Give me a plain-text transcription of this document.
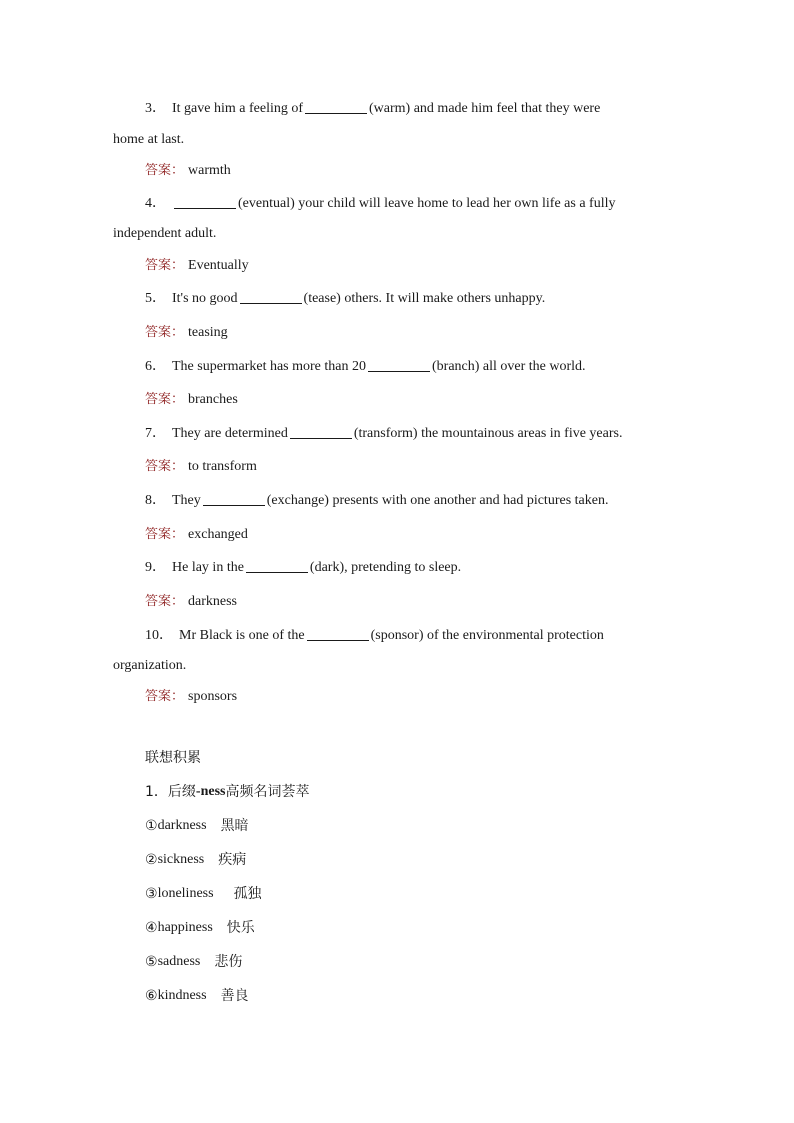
3． It gave him a feeling of	(warm) and made him feel that they were
home at last.
答案： warmth
4．	(eventual) your child will leave home to lead her own life as a fully
independent adult.
答案： Eventually
5． It's no good	(tease) others. It will make others unhappy.
答案： teasing
6． The supermarket has more than 20	(branch) all over the world.
答案： branches
7． They are determined	(transform) the mountainous areas in five years.
答案： to transform
8． They	(exchange) presents with one another and had pictures taken.
答案： exchanged
9． He lay in the	(dark), pretending to sleep.
答案： darkness
10． Mr Black is one of the	(sponsor) of the environmental protection
organization.
答案： sponsors
联想积累
1． 后缀 -ness 高频名词荟萃
① darkness 黑暗
② sickness 疾病
③ loneliness 孤独
④ happiness 快乐
⑤ sadness 悲伤
⑥ kindness 善良
